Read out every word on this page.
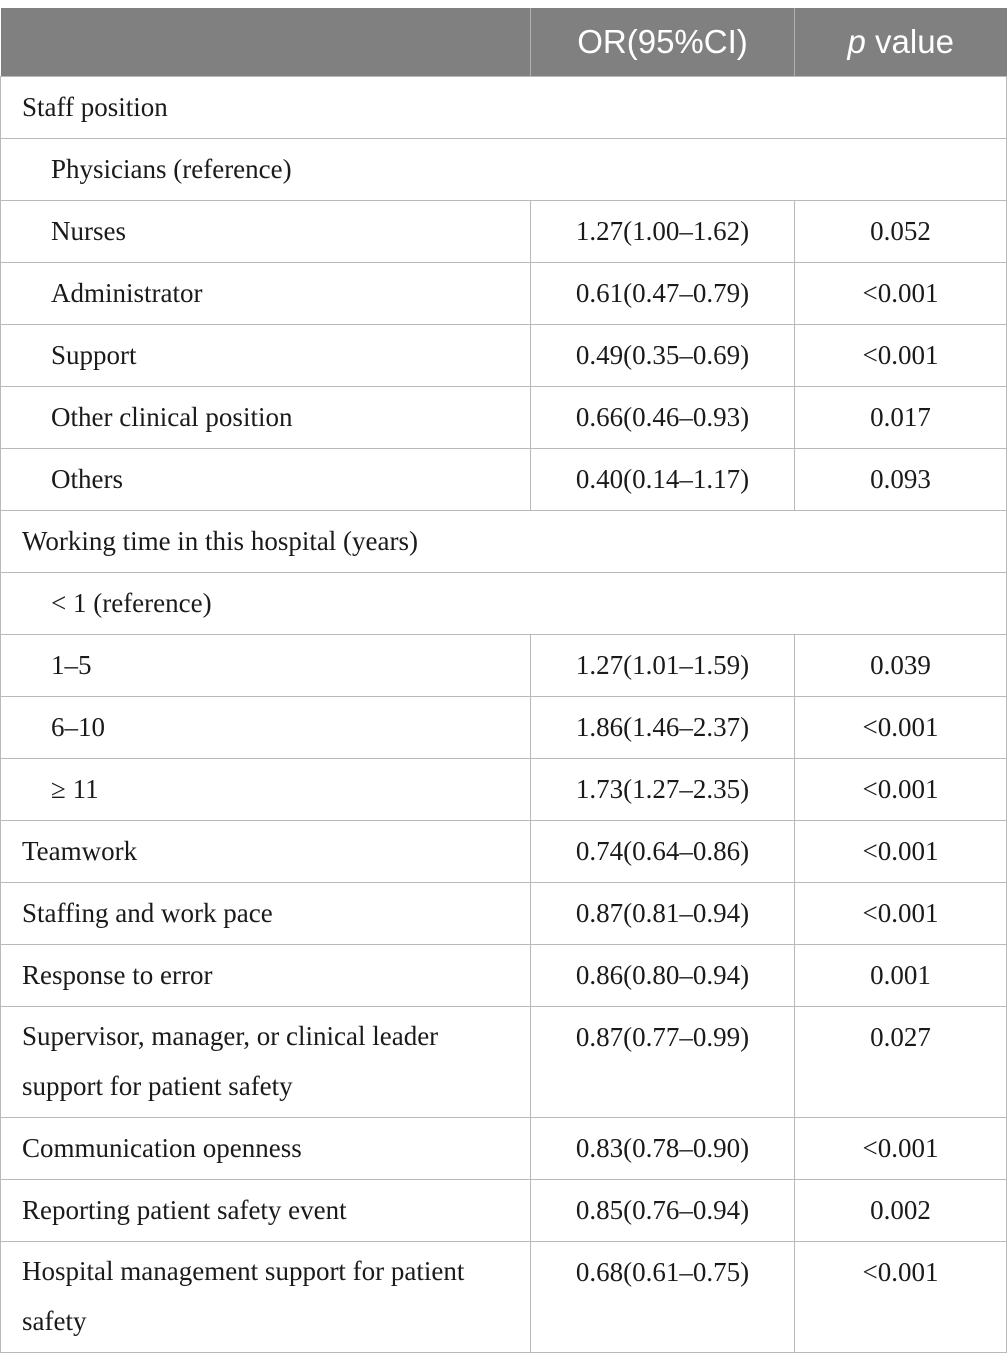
	OR(95%CI)	p value

Staff position		

Physicians (reference)		

Nurses	1.27(1.00–1.62)	0.052

Administrator	0.61(0.47–0.79)	<0.001

Support	0.49(0.35–0.69)	<0.001

Other clinical position	0.66(0.46–0.93)	0.017

Others	0.40(0.14–1.17)	0.093

Working time in this hospital (years)		

< 1 (reference)		

1–5	1.27(1.01–1.59)	0.039

6–10	1.86(1.46–2.37)	<0.001

≥ 11	1.73(1.27–2.35)	<0.001

Teamwork	0.74(0.64–0.86)	<0.001

Staffing and work pace	0.87(0.81–0.94)	<0.001

Response to error	0.86(0.80–0.94)	0.001

Supervisor, manager, or clinical leader support for patient safety	0.87(0.77–0.99)	0.027

Communication openness	0.83(0.78–0.90)	<0.001

Reporting patient safety event	0.85(0.76–0.94)	0.002

Hospital management support for patient safety	0.68(0.61–0.75)	<0.001
